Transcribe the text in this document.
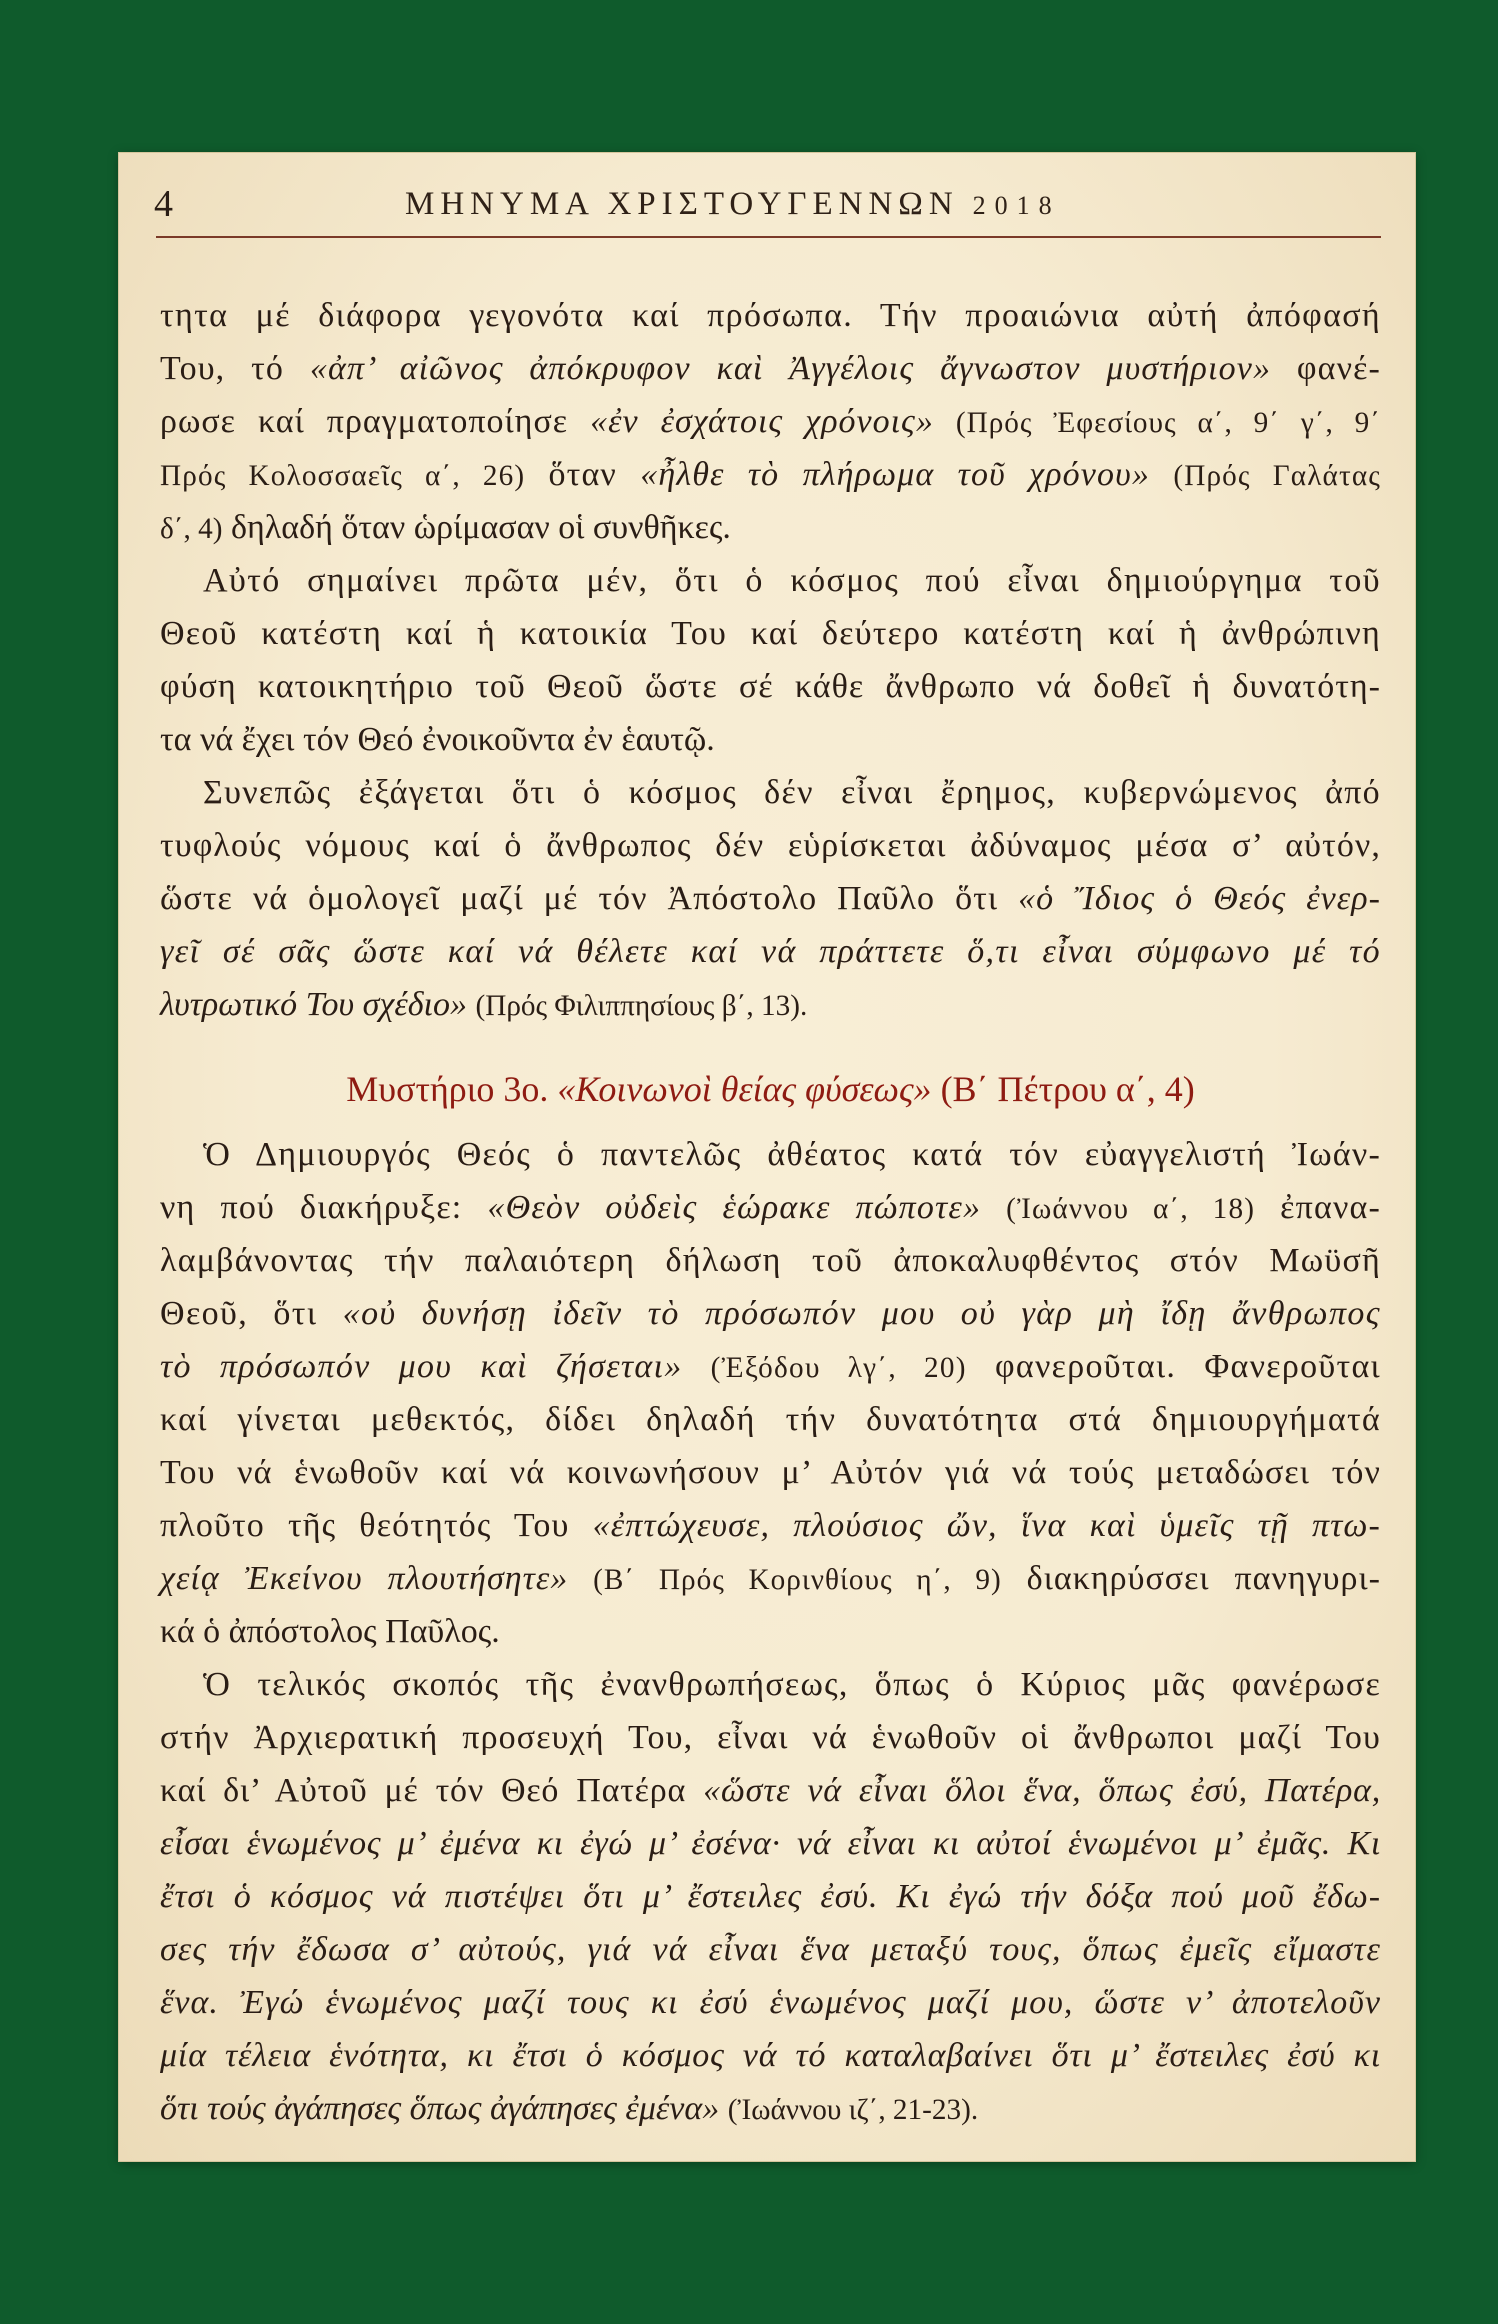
4	ΜΗΝΥΜΑ ΧΡΙΣΤΟΥΓΕΝΝΩΝ 2018
τητα μέ διάφορα γεγονότα καί πρόσωπα. Τήν προαιώνια αὐτή ἀπόφασή
Του, τό «ἀπ’ αἰῶνος ἀπόκρυφον καὶ Ἀγγέλοις ἄγνωστον μυστήριον» φανέ-
ρωσε καί πραγματοποίησε «ἐν ἐσχάτοις χρόνοις» (Πρός Ἐφεσίους α΄, 9΄ γ΄, 9΄
Πρός Κολοσσαεῖς α΄, 26) ὅταν «ἦλθε τὸ πλήρωμα τοῦ χρόνου» (Πρός Γαλάτας
δ΄, 4) δηλαδή ὅταν ὡρίμασαν οἱ συνθῆκες.
Αὐτό σημαίνει πρῶτα μέν, ὅτι ὁ κόσμος πού εἶναι δημιούργημα τοῦ
Θεοῦ κατέστη καί ἡ κατοικία Του καί δεύτερο κατέστη καί ἡ ἀνθρώπινη
φύση κατοικητήριο τοῦ Θεοῦ ὥστε σέ κάθε ἄνθρωπο νά δοθεῖ ἡ δυνατότη-
τα νά ἔχει τόν Θεό ἐνοικοῦντα ἐν ἑαυτῷ.
Συνεπῶς ἐξάγεται ὅτι ὁ κόσμος δέν εἶναι ἔρημος, κυβερνώμενος ἀπό
τυφλούς νόμους καί ὁ ἄνθρωπος δέν εὑρίσκεται ἀδύναμος μέσα σ’ αὐτόν,
ὥστε νά ὁμολογεῖ μαζί μέ τόν Ἀπόστολο Παῦλο ὅτι «ὁ Ἴδιος ὁ Θεός ἐνερ-
γεῖ σέ σᾶς ὥστε καί νά θέλετε καί νά πράττετε ὅ,τι εἶναι σύμφωνο μέ τό
λυτρωτικό Του σχέδιο» (Πρός Φιλιππησίους β΄, 13).
Μυστήριο 3ο. «Κοινωνοὶ θείας φύσεως» (Β΄ Πέτρου α΄, 4)
Ὁ Δημιουργός Θεός ὁ παντελῶς ἀθέατος κατά τόν εὐαγγελιστή Ἰωάν-
νη πού διακήρυξε: «Θεὸν οὐδεὶς ἑώρακε πώποτε» (Ἰωάννου α΄, 18) ἐπανα-
λαμβάνοντας τήν παλαιότερη δήλωση τοῦ ἀποκαλυφθέντος στόν Μωϋσῆ
Θεοῦ, ὅτι «οὐ δυνήσῃ ἰδεῖν τὸ πρόσωπόν μου οὐ γὰρ μὴ ἴδῃ ἄνθρωπος
τὸ πρόσωπόν μου καὶ ζήσεται» (Ἐξόδου λγ΄, 20) φανεροῦται. Φανεροῦται
καί γίνεται μεθεκτός, δίδει δηλαδή τήν δυνατότητα στά δημιουργήματά
Του νά ἑνωθοῦν καί νά κοινωνήσουν μ’ Αὐτόν γιά νά τούς μεταδώσει τόν
πλοῦτο τῆς θεότητός Του «ἐπτώχευσε, πλούσιος ὤν, ἵνα καὶ ὑμεῖς τῇ πτω-
χείᾳ Ἐκείνου πλουτήσητε» (Β΄ Πρός Κορινθίους η΄, 9) διακηρύσσει πανηγυρι-
κά ὁ ἀπόστολος Παῦλος.
Ὁ τελικός σκοπός τῆς ἐνανθρωπήσεως, ὅπως ὁ Κύριος μᾶς φανέρωσε
στήν Ἀρχιερατική προσευχή Του, εἶναι νά ἑνωθοῦν οἱ ἄνθρωποι μαζί Του
καί δι’ Αὐτοῦ μέ τόν Θεό Πατέρα «ὥστε νά εἶναι ὅλοι ἕνα, ὅπως ἐσύ, Πατέρα,
εἶσαι ἑνωμένος μ’ ἐμένα κι ἐγώ μ’ ἐσένα· νά εἶναι κι αὐτοί ἑνωμένοι μ’ ἐμᾶς. Κι
ἔτσι ὁ κόσμος νά πιστέψει ὅτι μ’ ἔστειλες ἐσύ. Κι ἐγώ τήν δόξα πού μοῦ ἔδω-
σες τήν ἔδωσα σ’ αὐτούς, γιά νά εἶναι ἕνα μεταξύ τους, ὅπως ἐμεῖς εἴμαστε
ἕνα. Ἐγώ ἑνωμένος μαζί τους κι ἐσύ ἑνωμένος μαζί μου, ὥστε ν’ ἀποτελοῦν
μία τέλεια ἑνότητα, κι ἔτσι ὁ κόσμος νά τό καταλαβαίνει ὅτι μ’ ἔστειλες ἐσύ κι
ὅτι τούς ἀγάπησες ὅπως ἀγάπησες ἐμένα» (Ἰωάννου ιζ΄, 21-23).
